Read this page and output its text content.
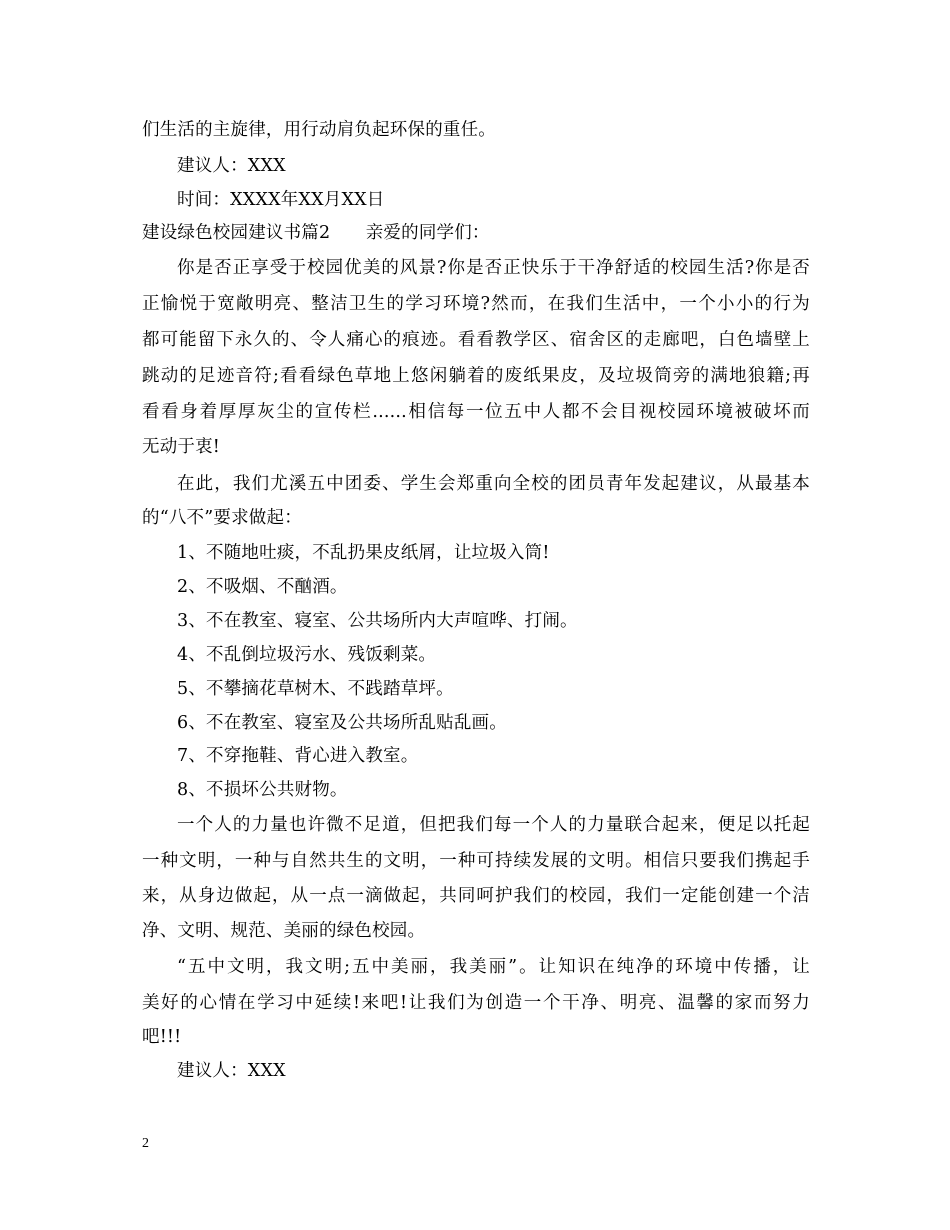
们生活的主旋律，用行动肩负起环保的重任。
建议人：XXX
时间：XXXX年XX月XX日
建设绿色校园建议书篇2　　亲爱的同学们：
你是否正享受于校园优美的风景?你是否正快乐于干净舒适的校园生活?你是否
正愉悦于宽敞明亮、整洁卫生的学习环境?然而，在我们生活中，一个小小的行为
都可能留下永久的、令人痛心的痕迹。看看教学区、宿舍区的走廊吧，白色墙壁上
跳动的足迹音符;看看绿色草地上悠闲躺着的废纸果皮，及垃圾筒旁的满地狼籍;再
看看身着厚厚灰尘的宣传栏......相信每一位五中人都不会目视校园环境被破坏而
无动于衷!
在此，我们尤溪五中团委、学生会郑重向全校的团员青年发起建议，从最基本
的“八不”要求做起：
1、不随地吐痰，不乱扔果皮纸屑，让垃圾入筒!
2、不吸烟、不酗酒。
3、不在教室、寝室、公共场所内大声喧哗、打闹。
4、不乱倒垃圾污水、残饭剩菜。
5、不攀摘花草树木、不践踏草坪。
6、不在教室、寝室及公共场所乱贴乱画。
7、不穿拖鞋、背心进入教室。
8、不损坏公共财物。
一个人的力量也许微不足道，但把我们每一个人的力量联合起来，便足以托起
一种文明，一种与自然共生的文明，一种可持续发展的文明。相信只要我们携起手
来，从身边做起，从一点一滴做起，共同呵护我们的校园，我们一定能创建一个洁
净、文明、规范、美丽的绿色校园。
“五中文明，我文明;五中美丽，我美丽”。让知识在纯净的环境中传播，让
美好的心情在学习中延续!来吧!让我们为创造一个干净、明亮、温馨的家而努力
吧!!!
建议人：XXX
2
